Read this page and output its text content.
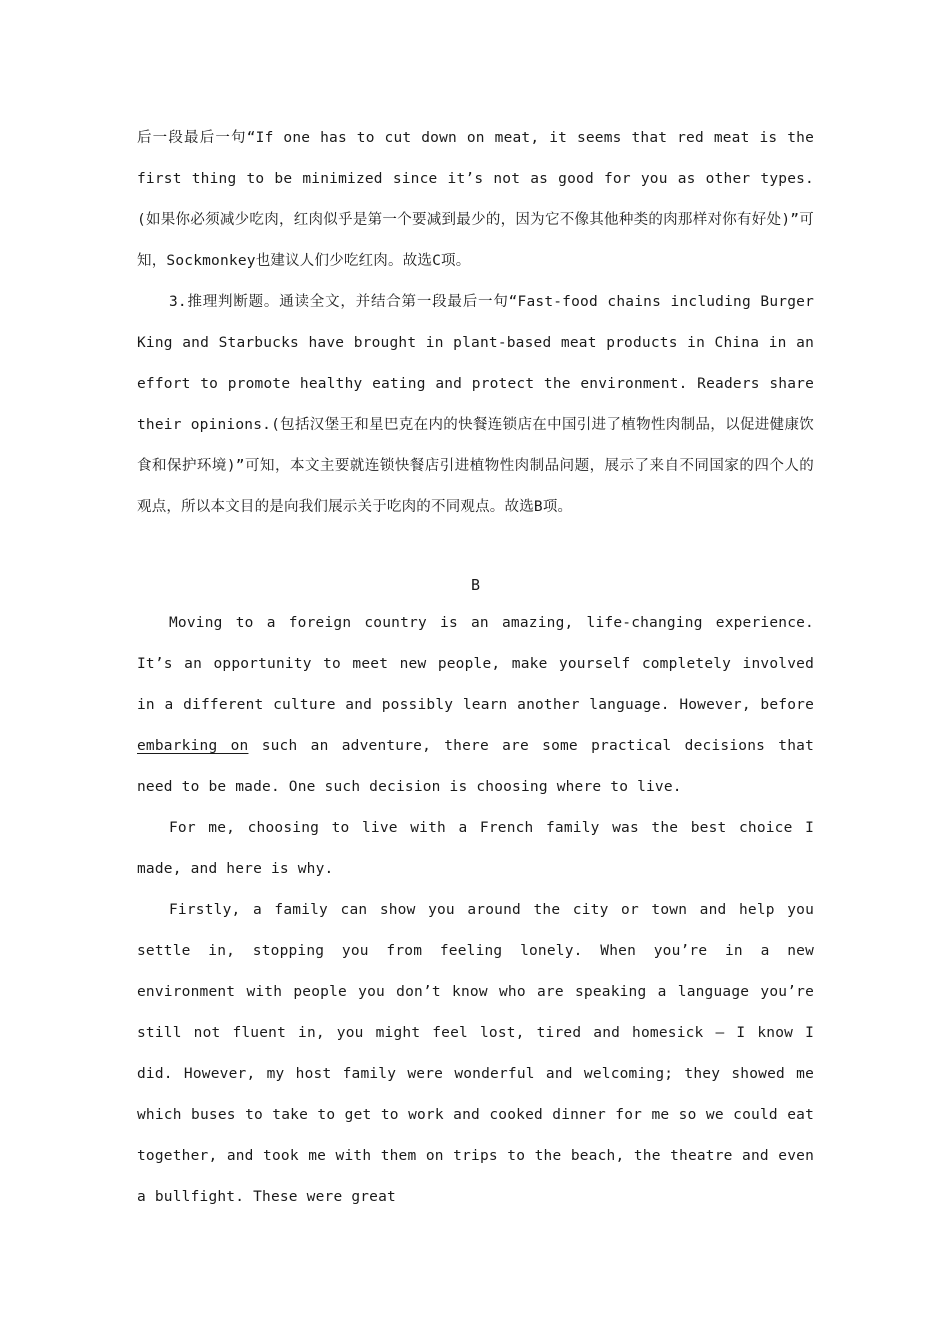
后一段最后一句“If one has to cut down on meat, it seems that red meat is the first thing to be minimized since it’s not as good for you as other types.(如果你必须减少吃肉，红肉似乎是第一个要减到最少的，因为它不像其他种类的肉那样对你有好处)”可知，Sockmonkey也建议人们少吃红肉。故选C项。

3.推理判断题。通读全文，并结合第一段最后一句“Fast-food chains including Burger King and Starbucks have brought in plant-based meat products in China in an effort to promote healthy eating and protect the environment. Readers share their opinions.(包括汉堡王和星巴克在内的快餐连锁店在中国引进了植物性肉制品，以促进健康饮食和保护环境)”可知，本文主要就连锁快餐店引进植物性肉制品问题，展示了来自不同国家的四个人的观点，所以本文目的是向我们展示关于吃肉的不同观点。故选B项。

B

Moving to a foreign country is an amazing, life-changing experience. It’s an opportunity to meet new people, make yourself completely involved in a different culture and possibly learn another language. However, before embarking on such an adventure, there are some practical decisions that need to be made. One such decision is choosing where to live.

For me, choosing to live with a French family was the best choice I made, and here is why.

Firstly, a family can show you around the city or town and help you settle in, stopping you from feeling lonely. When you’re in a new environment with people you don’t know who are speaking a language you’re still not fluent in, you might feel lost, tired and homesick — I know I did. However, my host family were wonderful and welcoming; they showed me which buses to take to get to work and cooked dinner for me so we could eat together, and took me with them on trips to the beach, the theatre and even a bullfight. These were great
